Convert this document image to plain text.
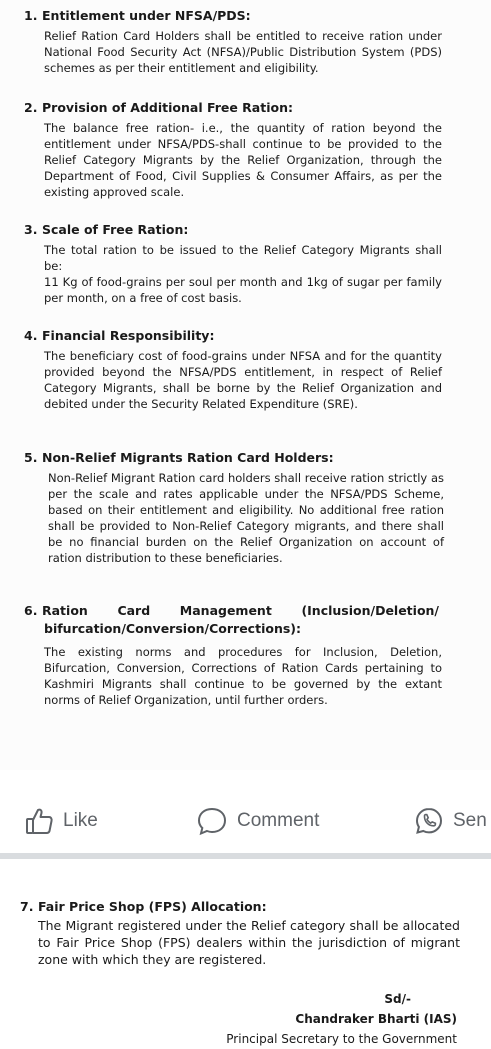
1. Entitlement under NFSA/PDS:

Relief Ration Card Holders shall be entitled to receive ration under National Food Security Act (NFSA)/Public Distribution System (PDS) schemes as per their entitlement and eligibility.

2. Provision of Additional Free Ration:

The balance free ration- i.e., the quantity of ration beyond the entitlement under NFSA/PDS-shall continue to be provided to the Relief Category Migrants by the Relief Organization, through the Department of Food, Civil Supplies & Consumer Affairs, as per the existing approved scale.

3. Scale of Free Ration:

The total ration to be issued to the Relief Category Migrants shall be:

11 Kg of food-grains per soul per month and 1kg of sugar per family per month, on a free of cost basis.

4. Financial Responsibility:

The beneficiary cost of food-grains under NFSA and for the quantity provided beyond the NFSA/PDS entitlement, in respect of Relief Category Migrants, shall be borne by the Relief Organization and debited under the Security Related Expenditure (SRE).

5. Non-Relief Migrants Ration Card Holders:

Non-Relief Migrant Ration card holders shall receive ration strictly as per the scale and rates applicable under the NFSA/PDS Scheme, based on their entitlement and eligibility. No additional free ration shall be provided to Non-Relief Category migrants, and there shall be no financial burden on the Relief Organization on account of ration distribution to these beneficiaries.

6. Ration Card Management (Inclusion/Deletion/
bifurcation/Conversion/Corrections):

The existing norms and procedures for Inclusion, Deletion, Bifurcation, Conversion, Corrections of Ration Cards pertaining to Kashmiri Migrants shall continue to be governed by the extant norms of Relief Organization, until further orders.

Like	Comment	Sen
7. Fair Price Shop (FPS) Allocation:

The Migrant registered under the Relief category shall be allocated to Fair Price Shop (FPS) dealers within the jurisdiction of migrant zone with which they are registered.

Sd/-
Chandraker Bharti (IAS)
Principal Secretary to the Government
